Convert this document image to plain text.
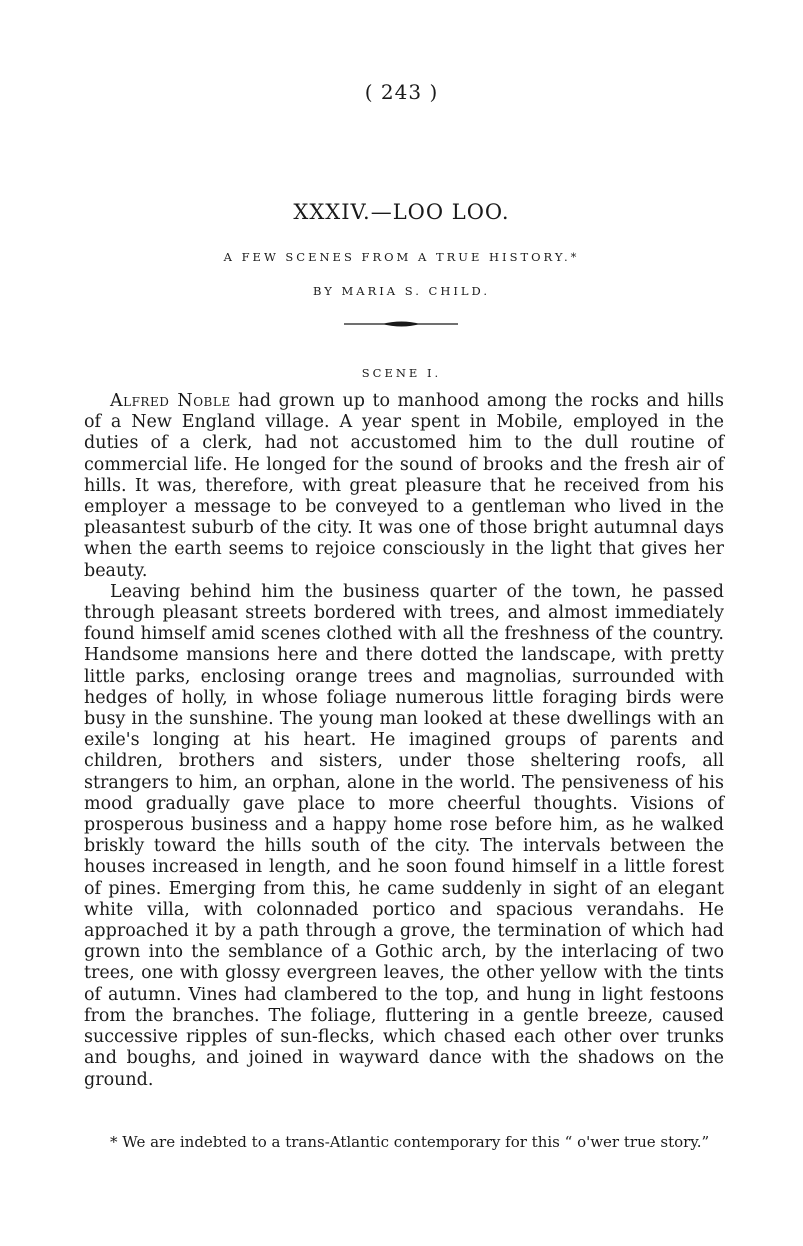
( 243 )
XXXIV.—LOO LOO.
A FEW SCENES FROM A TRUE HISTORY.*
BY MARIA S. CHILD.
SCENE I.

Alfred Noble had grown up to manhood among the rocks and hills of a New England village. A year spent in Mobile, employed in the duties of a clerk, had not accustomed him to the dull routine of commercial life. He longed for the sound of brooks and the fresh air of hills. It was, therefore, with great pleasure that he received from his employer a message to be conveyed to a gentleman who lived in the pleasantest suburb of the city. It was one of those bright autumnal days when the earth seems to rejoice consciously in the light that gives her beauty.

Leaving behind him the business quarter of the town, he passed through pleasant streets bordered with trees, and almost immediately found himself amid scenes clothed with all the freshness of the country. Handsome mansions here and there dotted the landscape, with pretty little parks, enclosing orange trees and magnolias, surrounded with hedges of holly, in whose foliage numerous little foraging birds were busy in the sunshine. The young man looked at these dwellings with an exile's longing at his heart. He imagined groups of parents and children, brothers and sisters, under those sheltering roofs, all strangers to him, an orphan, alone in the world. The pensiveness of his mood gradually gave place to more cheerful thoughts. Visions of prosperous business and a happy home rose before him, as he walked briskly toward the hills south of the city. The intervals between the houses increased in length, and he soon found himself in a little forest of pines. Emerging from this, he came suddenly in sight of an elegant white villa, with colonnaded portico and spacious verandahs. He approached it by a path through a grove, the termination of which had grown into the semblance of a Gothic arch, by the interlacing of two trees, one with glossy evergreen leaves, the other yellow with the tints of autumn. Vines had clambered to the top, and hung in light festoons from the branches. The foliage, fluttering in a gentle breeze, caused successive ripples of sun-flecks, which chased each other over trunks and boughs, and joined in wayward dance with the shadows on the ground.

* We are indebted to a trans-Atlantic contemporary for this “ o'wer true story.”
